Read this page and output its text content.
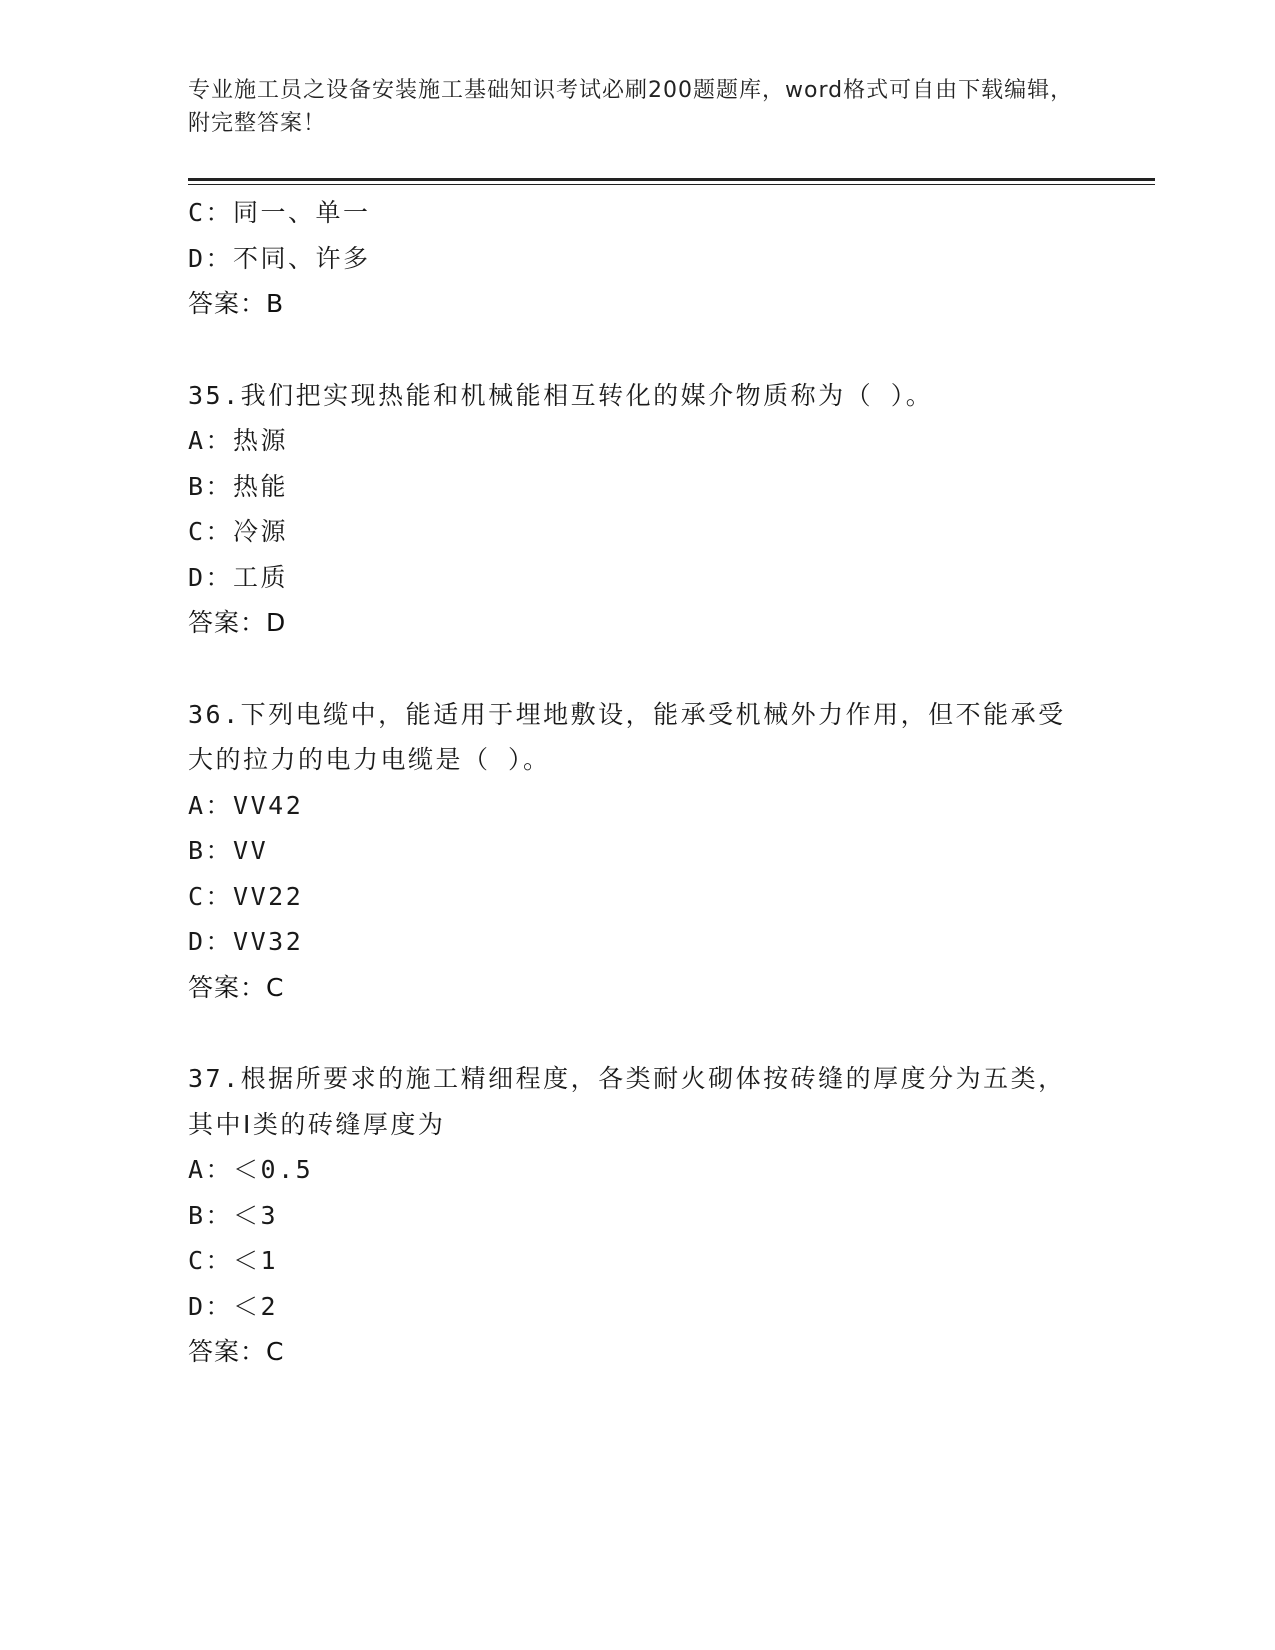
专业施工员之设备安装施工基础知识考试必刷200题题库，word格式可自由下载编辑，附完整答案！
C：同一、单一
D：不同、许多
答案：B
35.我们把实现热能和机械能相互转化的媒介物质称为（ ）。
A：热源
B：热能
C：冷源
D：工质
答案：D
36.下列电缆中，能适用于埋地敷设，能承受机械外力作用，但不能承受大的拉力的电力电缆是（ ）。
A：VV42
B：VV
C：VV22
D：VV32
答案：C
37.根据所要求的施工精细程度，各类耐火砌体按砖缝的厚度分为五类，其中Ⅰ类的砖缝厚度为
A：＜0.5
B：＜3
C：＜1
D：＜2
答案：C
